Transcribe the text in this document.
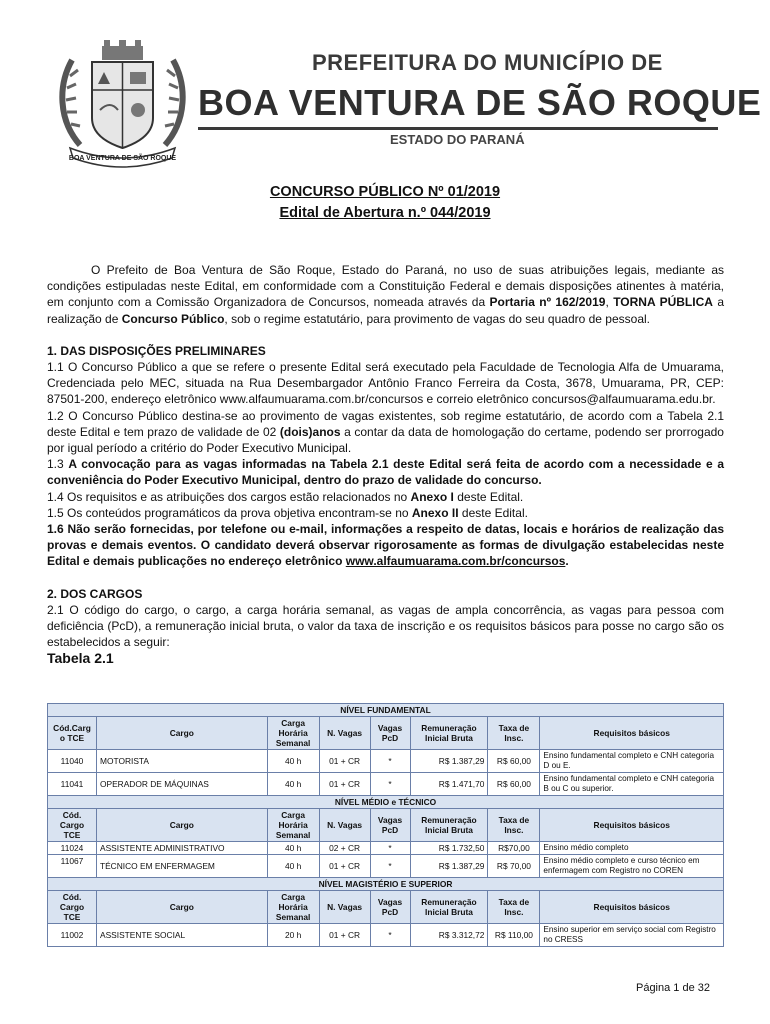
BOA VENTURA DE SÃO ROQUE
PREFEITURA DO MUNICÍPIO DE
BOA VENTURA DE SÃO ROQUE
ESTADO DO PARANÁ
CONCURSO PÚBLICO Nº 01/2019
Edital de Abertura n.º 044/2019

O Prefeito de Boa Ventura de São Roque, Estado do Paraná, no uso de suas atribuições legais, mediante as condições estipuladas neste Edital, em conformidade com a Constituição Federal e demais disposições atinentes à matéria, em conjunto com a Comissão Organizadora de Concursos, nomeada através da Portaria nº 162/2019, TORNA PÚBLICA a realização de Concurso Público, sob o regime estatutário, para provimento de vagas do seu quadro de pessoal.

1. DAS DISPOSIÇÕES PRELIMINARES

1.1 O Concurso Público a que se refere o presente Edital será executado pela Faculdade de Tecnologia Alfa de Umuarama, Credenciada pelo MEC, situada na Rua Desembargador Antônio Franco Ferreira da Costa, 3678, Umuarama, PR, CEP: 87501-200, endereço eletrônico www.alfaumuarama.com.br/concursos e correio eletrônico concursos@alfaumuarama.edu.br.

1.2 O Concurso Público destina-se ao provimento de vagas existentes, sob regime estatutário, de acordo com a Tabela 2.1 deste Edital e tem prazo de validade de 02 (dois)anos a contar da data de homologação do certame, podendo ser prorrogado por igual período a critério do Poder Executivo Municipal.

1.3 A convocação para as vagas informadas na Tabela 2.1 deste Edital será feita de acordo com a necessidade e a conveniência do Poder Executivo Municipal, dentro do prazo de validade do concurso.

1.4 Os requisitos e as atribuições dos cargos estão relacionados no Anexo I deste Edital.

1.5 Os conteúdos programáticos da prova objetiva encontram-se no Anexo II deste Edital.

1.6 Não serão fornecidas, por telefone ou e-mail, informações a respeito de datas, locais e horários de realização das provas e demais eventos. O candidato deverá observar rigorosamente as formas de divulgação estabelecidas neste Edital e demais publicações no endereço eletrônico www.alfaumuarama.com.br/concursos.

2. DOS CARGOS

2.1 O código do cargo, o cargo, a carga horária semanal, as vagas de ampla concorrência, as vagas para pessoa com deficiência (PcD), a remuneração inicial bruta, o valor da taxa de inscrição e os requisitos básicos para posse no cargo são os estabelecidos a seguir:

Tabela 2.1

NÍVEL FUNDAMENTAL							
Cód.Carg o TCE	Cargo	Carga Horária Semanal	N. Vagas	Vagas PcD	Remuneração Inicial Bruta	Taxa de Insc.	Requisitos básicos
11040	MOTORISTA	40 h	01 + CR	*	R$ 1.387,29	R$ 60,00	Ensino fundamental completo e CNH categoria D ou E.
11041	OPERADOR DE MÁQUINAS	40 h	01 + CR	*	R$ 1.471,70	R$ 60,00	Ensino fundamental completo e CNH categoria B ou C ou superior.
NÍVEL MÉDIO e TÉCNICO							
Cód. Cargo TCE	Cargo	Carga Horária Semanal	N. Vagas	Vagas PcD	Remuneração Inicial Bruta	Taxa de Insc.	Requisitos básicos
11024	ASSISTENTE ADMINISTRATIVO	40 h	02 + CR	*	R$ 1.732,50	R$70,00	Ensino médio completo
11067	TÉCNICO EM ENFERMAGEM	40 h	01 + CR	*	R$ 1.387,29	R$ 70,00	Ensino médio completo e curso técnico em enfermagem com Registro no COREN
NÍVEL MAGISTÉRIO E SUPERIOR							
Cód. Cargo TCE	Cargo	Carga Horária Semanal	N. Vagas	Vagas PcD	Remuneração Inicial Bruta	Taxa de Insc.	Requisitos básicos
11002	ASSISTENTE SOCIAL	20 h	01 + CR	*	R$ 3.312,72	R$ 110,00	Ensino superior em serviço social com Registro no CRESS
Página 1 de 32
